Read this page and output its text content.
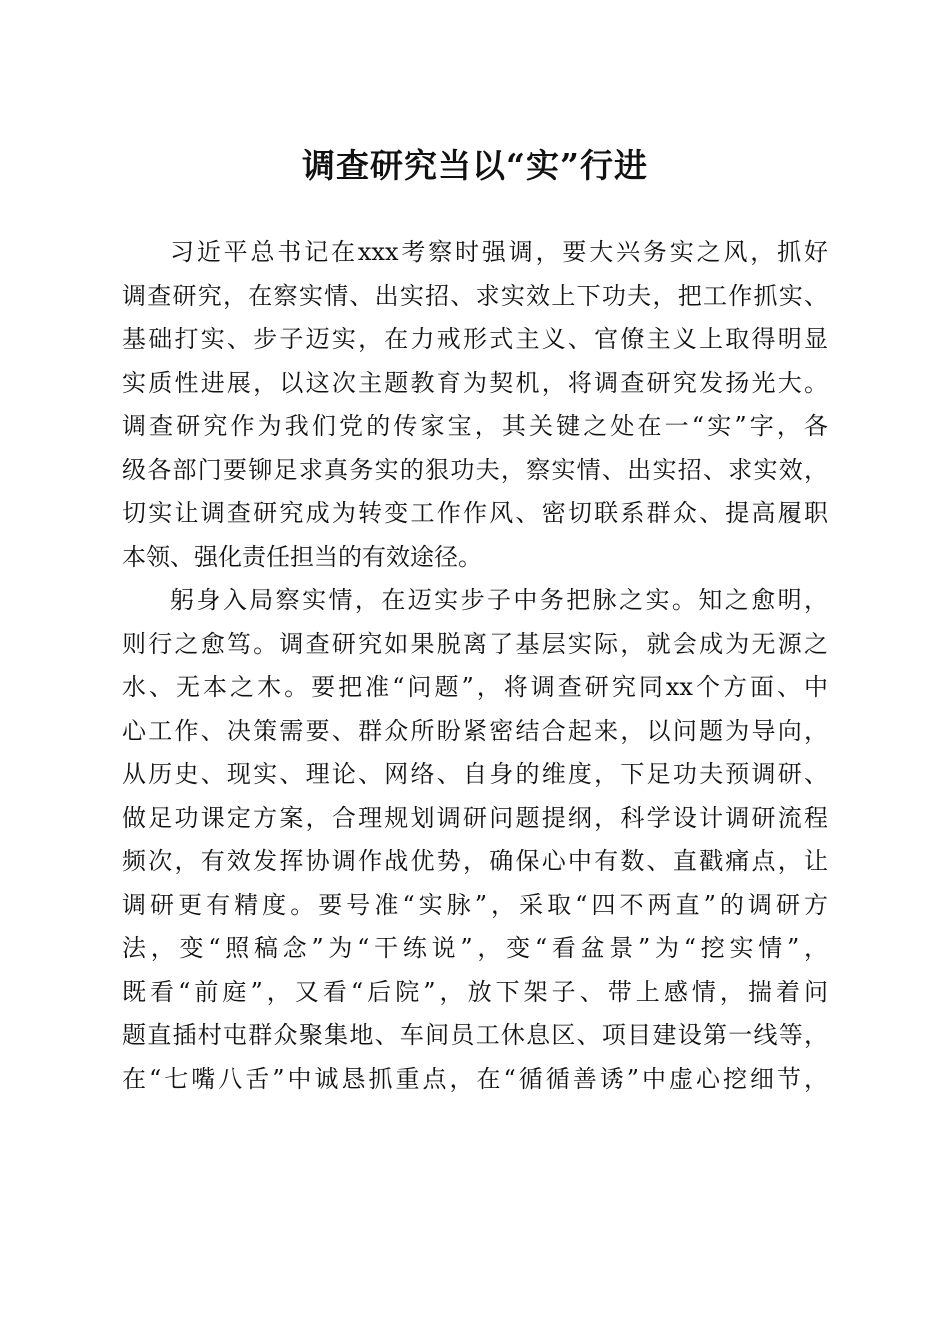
调查研究当以“实”行进
习近平总书记在xxx考察时强调，要大兴务实之风，抓好
调查研究，在察实情、出实招、求实效上下功夫，把工作抓实、
基础打实、步子迈实，在力戒形式主义、官僚主义上取得明显
实质性进展，以这次主题教育为契机，将调查研究发扬光大。
调查研究作为我们党的传家宝，其关键之处在一“实”字，各
级各部门要铆足求真务实的狠功夫，察实情、出实招、求实效，
切实让调查研究成为转变工作作风、密切联系群众、提高履职
本领、强化责任担当的有效途径。
躬身入局察实情，在迈实步子中务把脉之实。知之愈明，
则行之愈笃。调查研究如果脱离了基层实际，就会成为无源之
水、无本之木。要把准“问题”，将调查研究同xx个方面、中
心工作、决策需要、群众所盼紧密结合起来，以问题为导向，
从历史、现实、理论、网络、自身的维度，下足功夫预调研、
做足功课定方案，合理规划调研问题提纲，科学设计调研流程
频次，有效发挥协调作战优势，确保心中有数、直戳痛点，让
调研更有精度。要号准“实脉”，采取“四不两直”的调研方
法，变“照稿念”为“干练说”，变“看盆景”为“挖实情”，
既看“前庭”，又看“后院”，放下架子、带上感情，揣着问
题直插村屯群众聚集地、车间员工休息区、项目建设第一线等，
在“七嘴八舌”中诚恳抓重点，在“循循善诱”中虚心挖细节，
